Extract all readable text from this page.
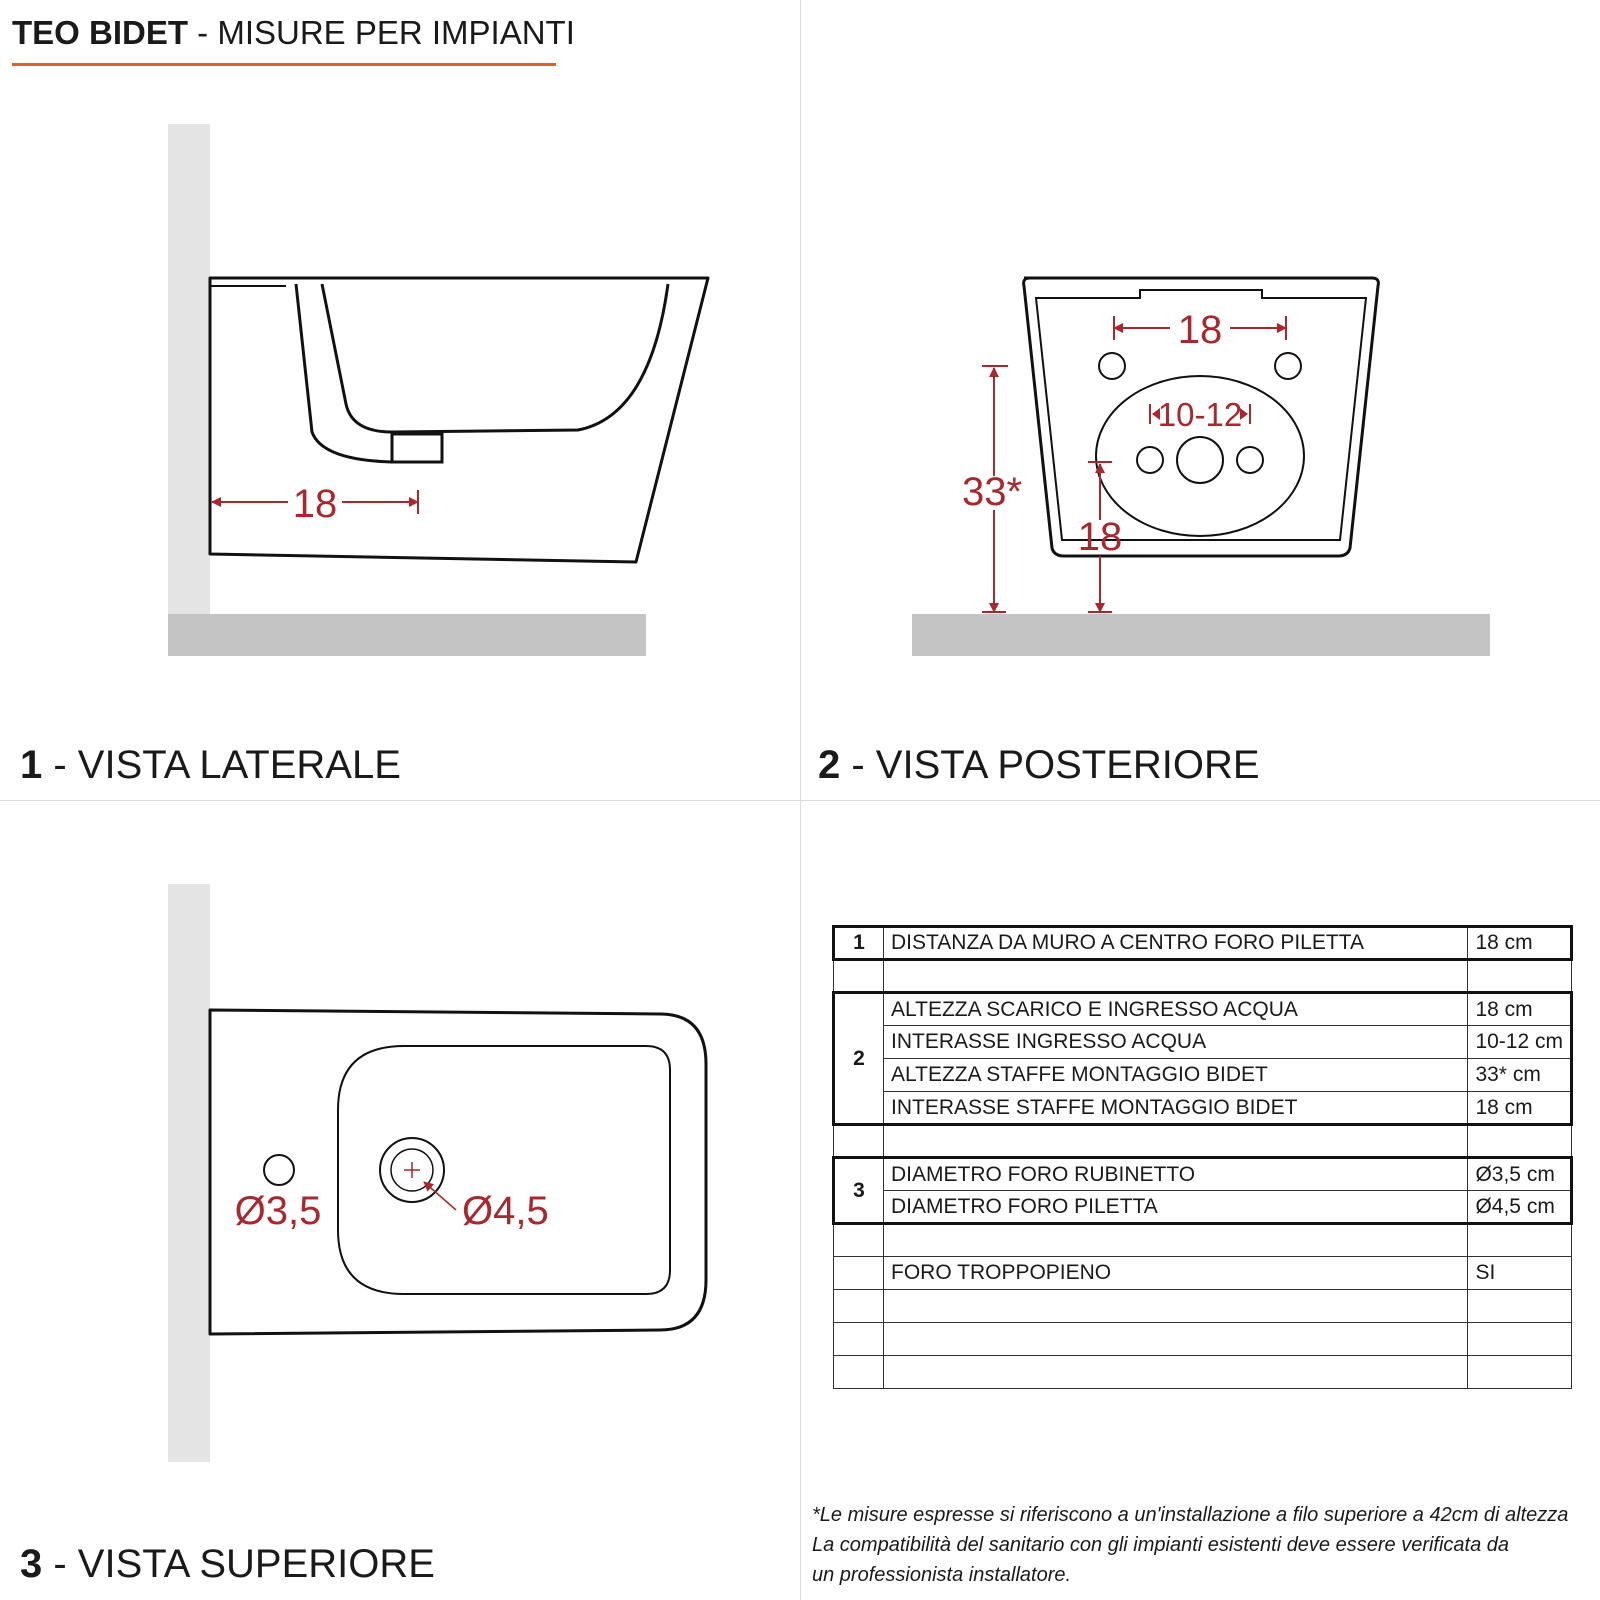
TEO BIDET - MISURE PER IMPIANTI
18
18
10-12
33*
18
Ø3,5	Ø4,5
1 - VISTA LATERALE	2 - VISTA POSTERIORE
3 - VISTA SUPERIORE
1	DISTANZA DA MURO A CENTRO FORO PILETTA	18 cm

2	ALTEZZA SCARICO E INGRESSO ACQUA	18 cm
	INTERASSE INGRESSO ACQUA	10-12 cm
	ALTEZZA STAFFE MONTAGGIO BIDET	33* cm
	INTERASSE STAFFE MONTAGGIO BIDET	18 cm

3	DIAMETRO FORO RUBINETTO	Ø3,5 cm
	DIAMETRO FORO PILETTA	Ø4,5 cm

	FORO TROPPOPIENO	SI

*Le misure espresse si riferiscono a un'installazione a filo superiore a 42cm di altezza
La compatibilità del sanitario con gli impianti esistenti deve essere verificata da
un professionista installatore.
